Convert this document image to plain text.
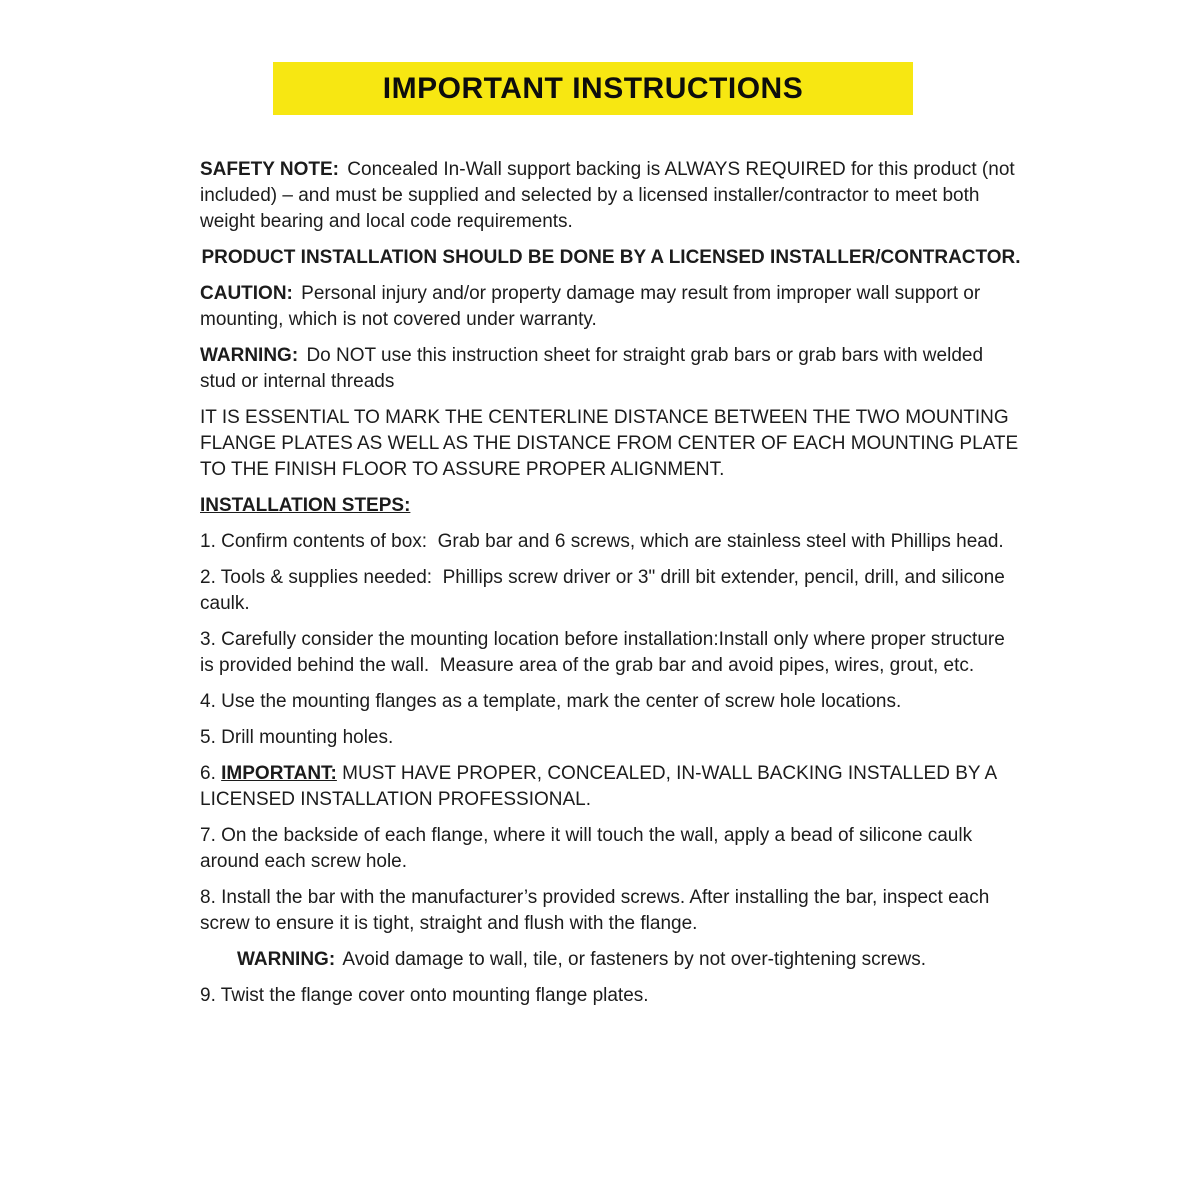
IMPORTANT INSTRUCTIONS

SAFETY NOTE: Concealed In-Wall support backing is ALWAYS REQUIRED for this product (not included) – and must be supplied and selected by a licensed installer/contractor to meet both weight bearing and local code requirements.

PRODUCT INSTALLATION SHOULD BE DONE BY A LICENSED INSTALLER/CONTRACTOR.

CAUTION: Personal injury and/or property damage may result from improper wall support or mounting, which is not covered under warranty.

WARNING: Do NOT use this instruction sheet for straight grab bars or grab bars with welded stud or internal threads

IT IS ESSENTIAL TO MARK THE CENTERLINE DISTANCE BETWEEN THE TWO MOUNTING FLANGE PLATES AS WELL AS THE DISTANCE FROM CENTER OF EACH MOUNTING PLATE TO THE FINISH FLOOR TO ASSURE PROPER ALIGNMENT.

INSTALLATION STEPS:

1. Confirm contents of box:  Grab bar and 6 screws, which are stainless steel with Phillips head.

2. Tools & supplies needed:  Phillips screw driver or 3" drill bit extender, pencil, drill, and silicone caulk.

3. Carefully consider the mounting location before installation:Install only where proper structure is provided behind the wall.  Measure area of the grab bar and avoid pipes, wires, grout, etc.

4. Use the mounting flanges as a template, mark the center of screw hole locations.

5. Drill mounting holes.

6. IMPORTANT: MUST HAVE PROPER, CONCEALED, IN-WALL BACKING INSTALLED BY A LICENSED INSTALLATION PROFESSIONAL.

7. On the backside of each flange, where it will touch the wall, apply a bead of silicone caulk around each screw hole.

8. Install the bar with the manufacturer’s provided screws. After installing the bar, inspect each screw to ensure it is tight, straight and flush with the flange.

WARNING: Avoid damage to wall, tile, or fasteners by not over-tightening screws.

9. Twist the flange cover onto mounting flange plates.
